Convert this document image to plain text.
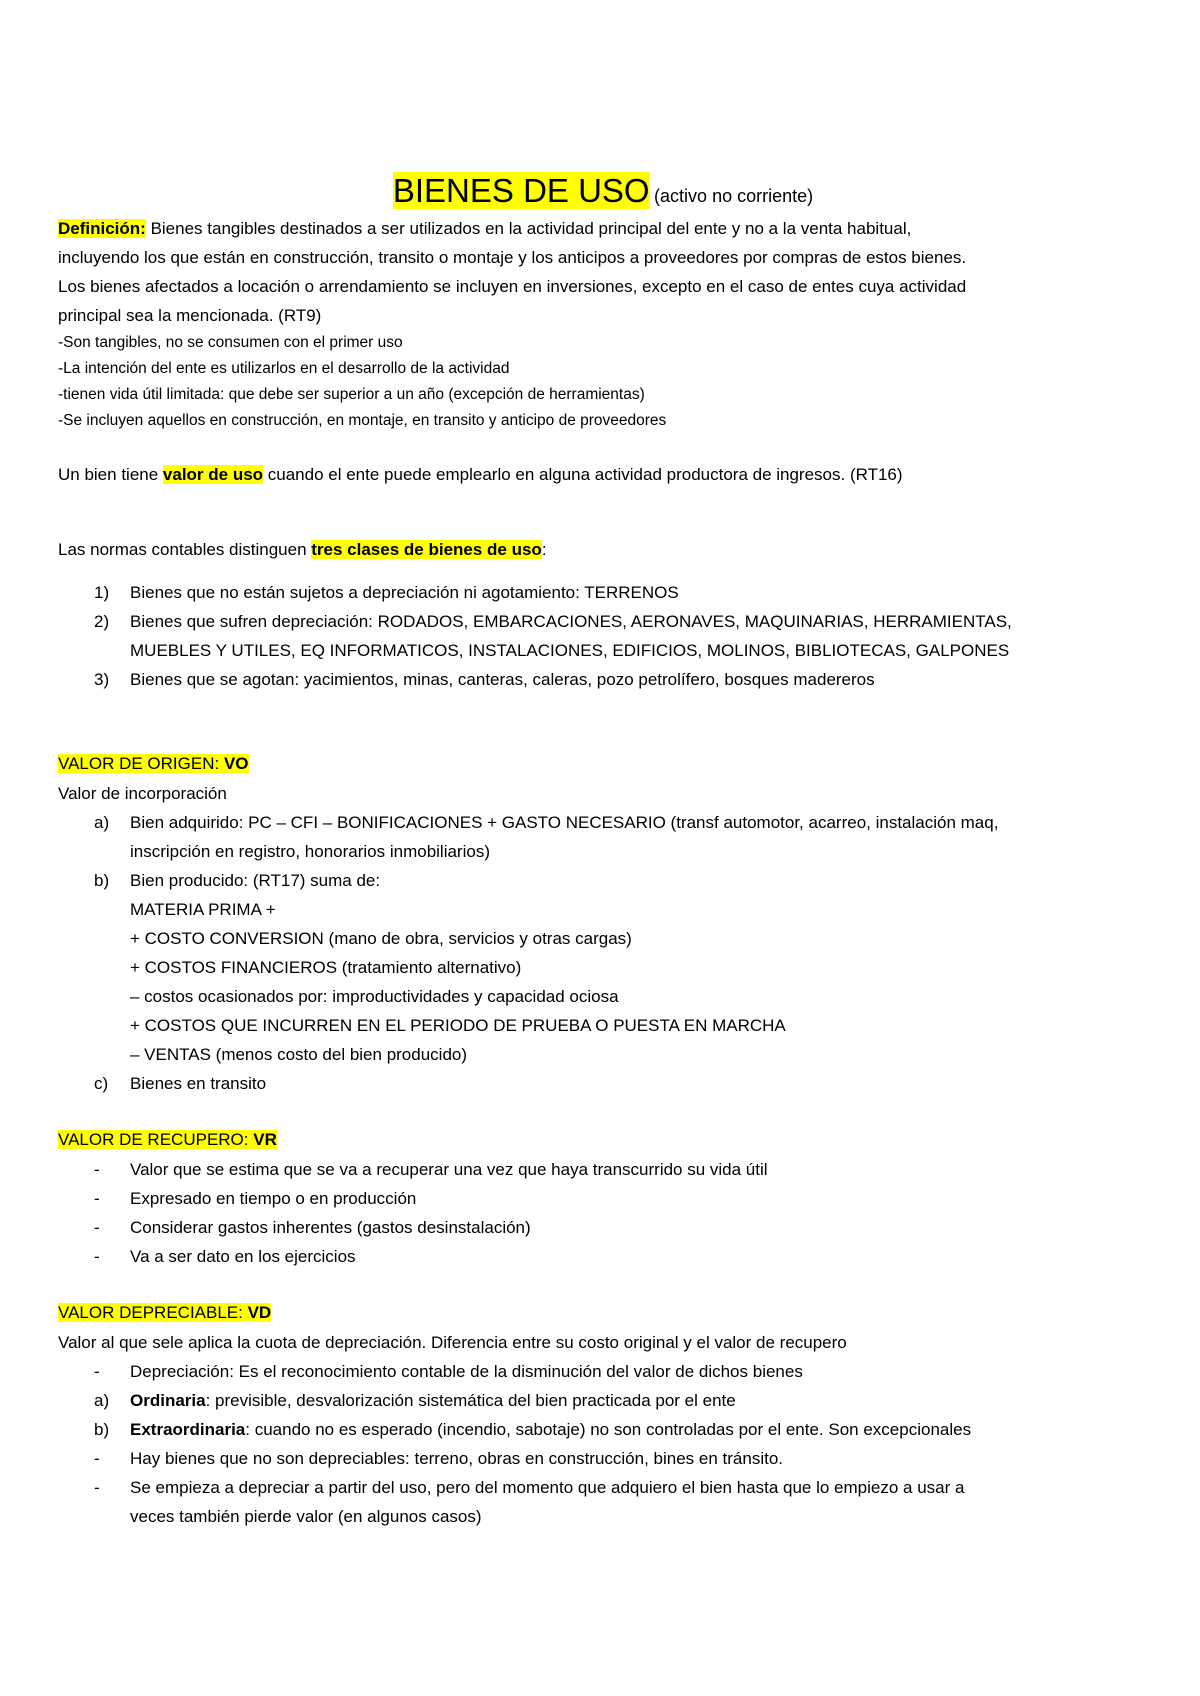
BIENES DE USO (activo no corriente)
Definición: Bienes tangibles destinados a ser utilizados en la actividad principal del ente y no a la venta habitual,
incluyendo los que están en construcción, transito o montaje y los anticipos a proveedores por compras de estos bienes.
Los bienes afectados a locación o arrendamiento se incluyen en inversiones, excepto en el caso de entes cuya actividad
principal sea la mencionada. (RT9)
-Son tangibles, no se consumen con el primer uso
-La intención del ente es utilizarlos en el desarrollo de la actividad
-tienen vida útil limitada: que debe ser superior a un año (excepción de herramientas)
-Se incluyen aquellos en construcción, en montaje, en transito y anticipo de proveedores
Un bien tiene valor de uso cuando el ente puede emplearlo en alguna actividad productora de ingresos. (RT16)
Las normas contables distinguen tres clases de bienes de uso:
1)	Bienes que no están sujetos a depreciación ni agotamiento: TERRENOS
2)	Bienes que sufren depreciación: RODADOS, EMBARCACIONES, AERONAVES, MAQUINARIAS, HERRAMIENTAS,
MUEBLES Y UTILES, EQ INFORMATICOS, INSTALACIONES, EDIFICIOS, MOLINOS, BIBLIOTECAS, GALPONES
3)	Bienes que se agotan: yacimientos, minas, canteras, caleras, pozo petrolífero, bosques madereros
VALOR DE ORIGEN: VO
Valor de incorporación
a)	Bien adquirido: PC – CFI – BONIFICACIONES + GASTO NECESARIO (transf automotor, acarreo, instalación maq,
inscripción en registro, honorarios inmobiliarios)
b)	Bien producido: (RT17) suma de:
MATERIA PRIMA +
+ COSTO CONVERSION (mano de obra, servicios y otras cargas)
+ COSTOS FINANCIEROS (tratamiento alternativo)
– costos ocasionados por: improductividades y capacidad ociosa
+ COSTOS QUE INCURREN EN EL PERIODO DE PRUEBA O PUESTA EN MARCHA
– VENTAS (menos costo del bien producido)
c)	Bienes en transito
VALOR DE RECUPERO: VR
-	Valor que se estima que se va a recuperar una vez que haya transcurrido su vida útil
-	Expresado en tiempo o en producción
-	Considerar gastos inherentes (gastos desinstalación)
-	Va a ser dato en los ejercicios
VALOR DEPRECIABLE: VD
Valor al que sele aplica la cuota de depreciación. Diferencia entre su costo original y el valor de recupero
-	Depreciación: Es el reconocimiento contable de la disminución del valor de dichos bienes
a)	Ordinaria: previsible, desvalorización sistemática del bien practicada por el ente
b)	Extraordinaria: cuando no es esperado (incendio, sabotaje) no son controladas por el ente. Son excepcionales
-	Hay bienes que no son depreciables: terreno, obras en construcción, bines en tránsito.
-	Se empieza a depreciar a partir del uso, pero del momento que adquiero el bien hasta que lo empiezo a usar a
veces también pierde valor (en algunos casos)
